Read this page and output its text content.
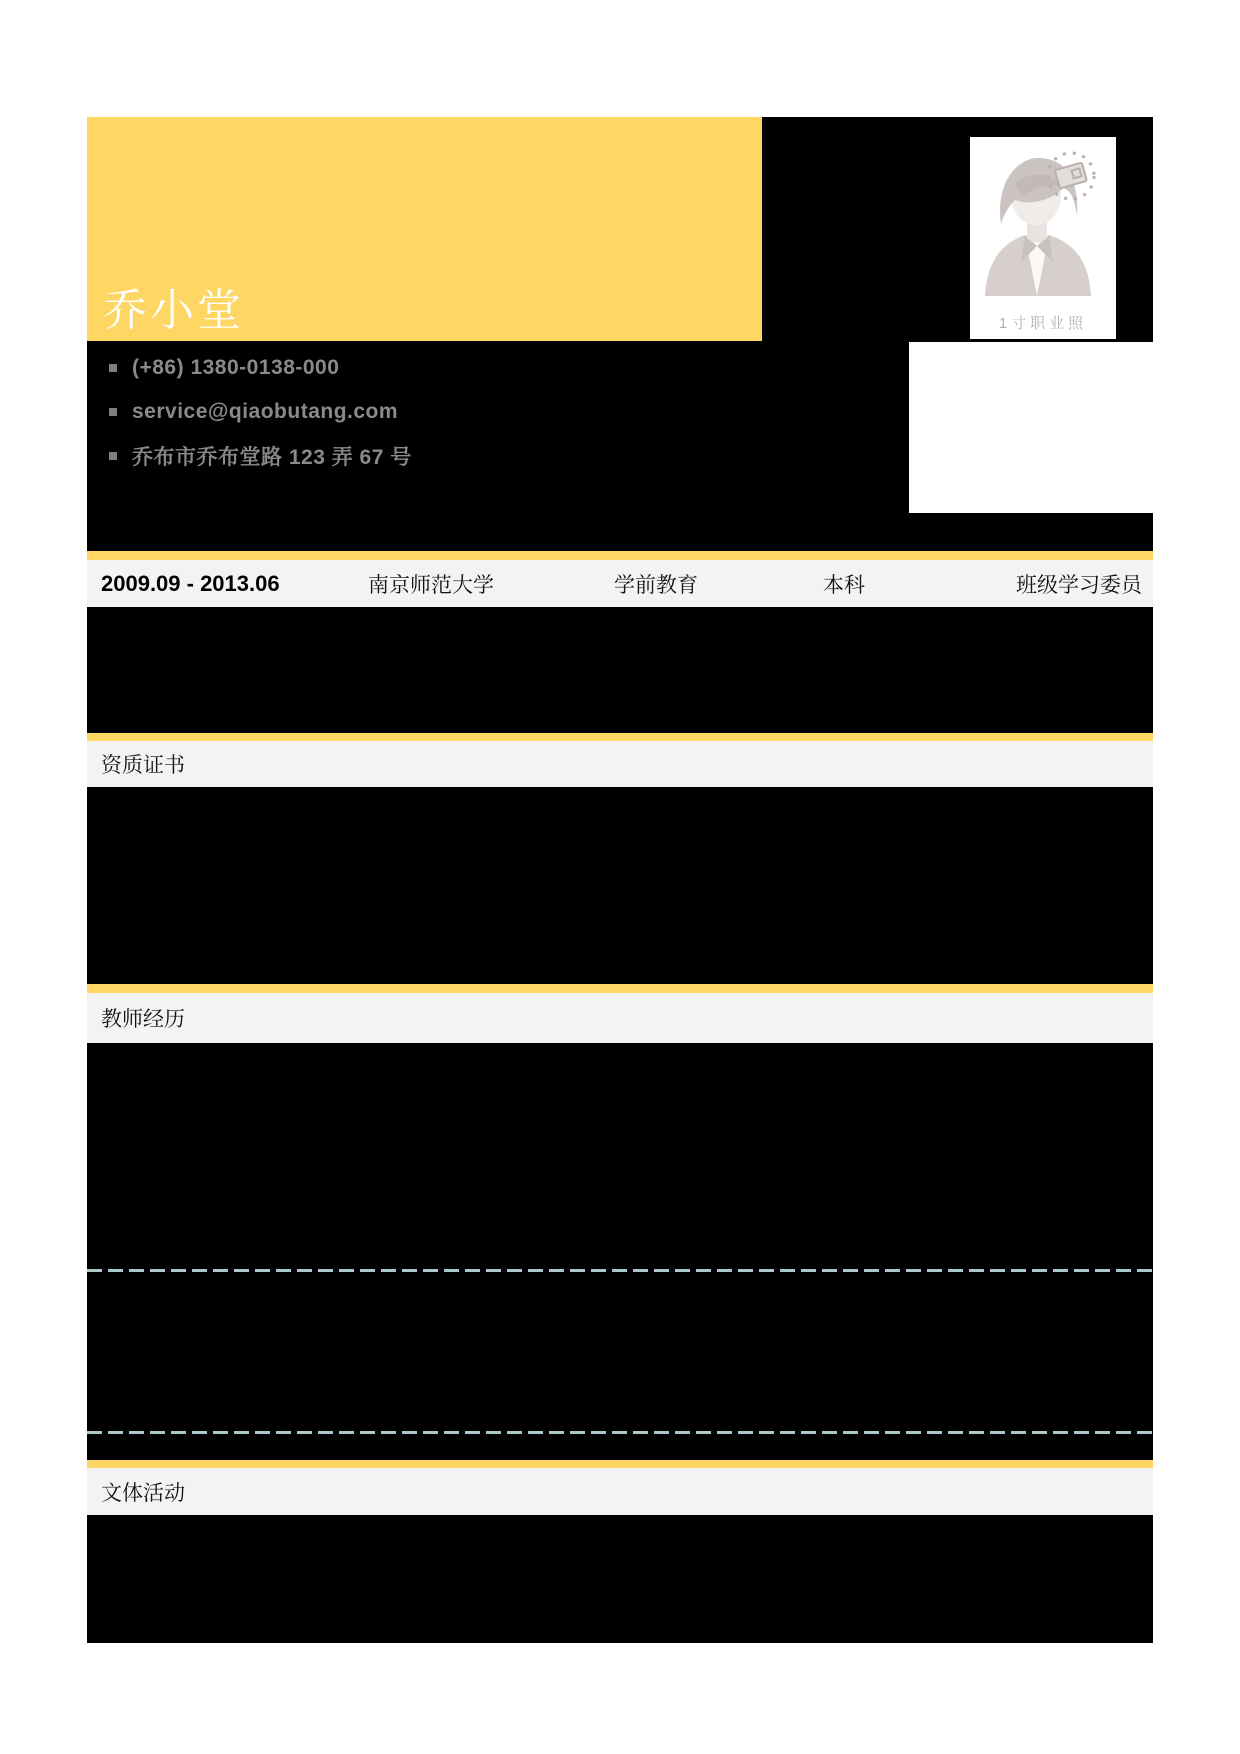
乔小堂
(+86) 1380-0138-000
service@qiaobutang.com
乔布市乔布堂路 123 弄 67 号
1寸职业照
2009.09 - 2013.06	南京师范大学	学前教育	本科	班级学习委员
资质证书
教师经历
文体活动
